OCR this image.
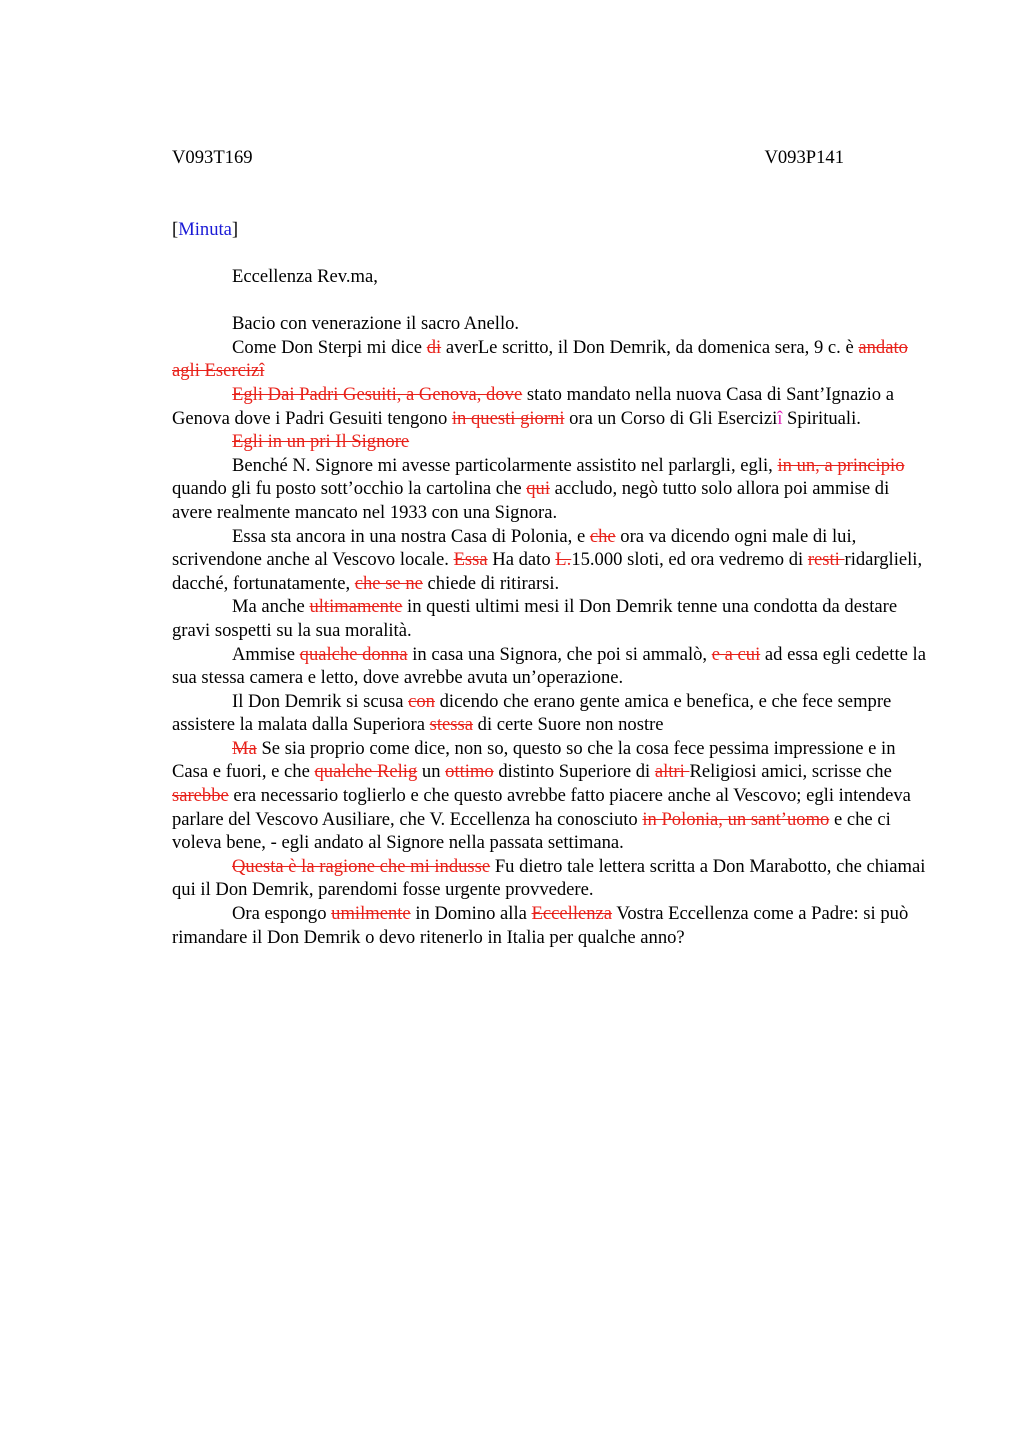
V093T169	V093P141

[Minuta]

Eccellenza Rev.ma,

Bacio con venerazione il sacro Anello.

Come Don Sterpi mi dice di averLe scritto, il Don Demrik, da domenica sera, 9 c. è andato agli Esercizî

Egli Dai Padri Gesuiti, a Genova, dove stato mandato nella nuova Casa di Sant’Ignazio a Genova dove i Padri Gesuiti tengono in questi giorni ora un Corso di Gli Eserciziî Spirituali.

Egli in un pri Il Signore

Benché N. Signore mi avesse particolarmente assistito nel parlargli, egli, in un, a principio quando gli fu posto sott’occhio la cartolina che qui accludo, negò tutto solo allora poi ammise di avere realmente mancato nel 1933 con una Signora.

Essa sta ancora in una nostra Casa di Polonia, e che ora va dicendo ogni male di lui, scrivendone anche al Vescovo locale. Essa Ha dato L.15.000 sloti, ed ora vedremo di resti ridarglieli, dacché, fortunatamente, che se ne chiede di ritirarsi.

Ma anche ultimamente in questi ultimi mesi il Don Demrik tenne una condotta da destare gravi sospetti su la sua moralità.

Ammise qualche donna in casa una Signora, che poi si ammalò, e a cui ad essa egli cedette la sua stessa camera e letto, dove avrebbe avuta un’operazione.

Il Don Demrik si scusa con dicendo che erano gente amica e benefica, e che fece sempre assistere la malata dalla Superiora stessa di certe Suore non nostre

Ma Se sia proprio come dice, non so, questo so che la cosa fece pessima impressione e in Casa e fuori, e che qualche Relig un ottimo distinto Superiore di altri Religiosi amici, scrisse che sarebbe era necessario toglierlo e che questo avrebbe fatto piacere anche al Vescovo; egli intendeva parlare del Vescovo Ausiliare, che V. Eccellenza ha conosciuto in Polonia, un sant’uomo e che ci voleva bene, - egli andato al Signore nella passata settimana.

Questa è la ragione che mi indusse Fu dietro tale lettera scritta a Don Marabotto, che chiamai qui il Don Demrik, parendomi fosse urgente provvedere.

Ora espongo umilmente in Domino alla Eccellenza Vostra Eccellenza come a Padre: si può rimandare il Don Demrik o devo ritenerlo in Italia per qualche anno?
